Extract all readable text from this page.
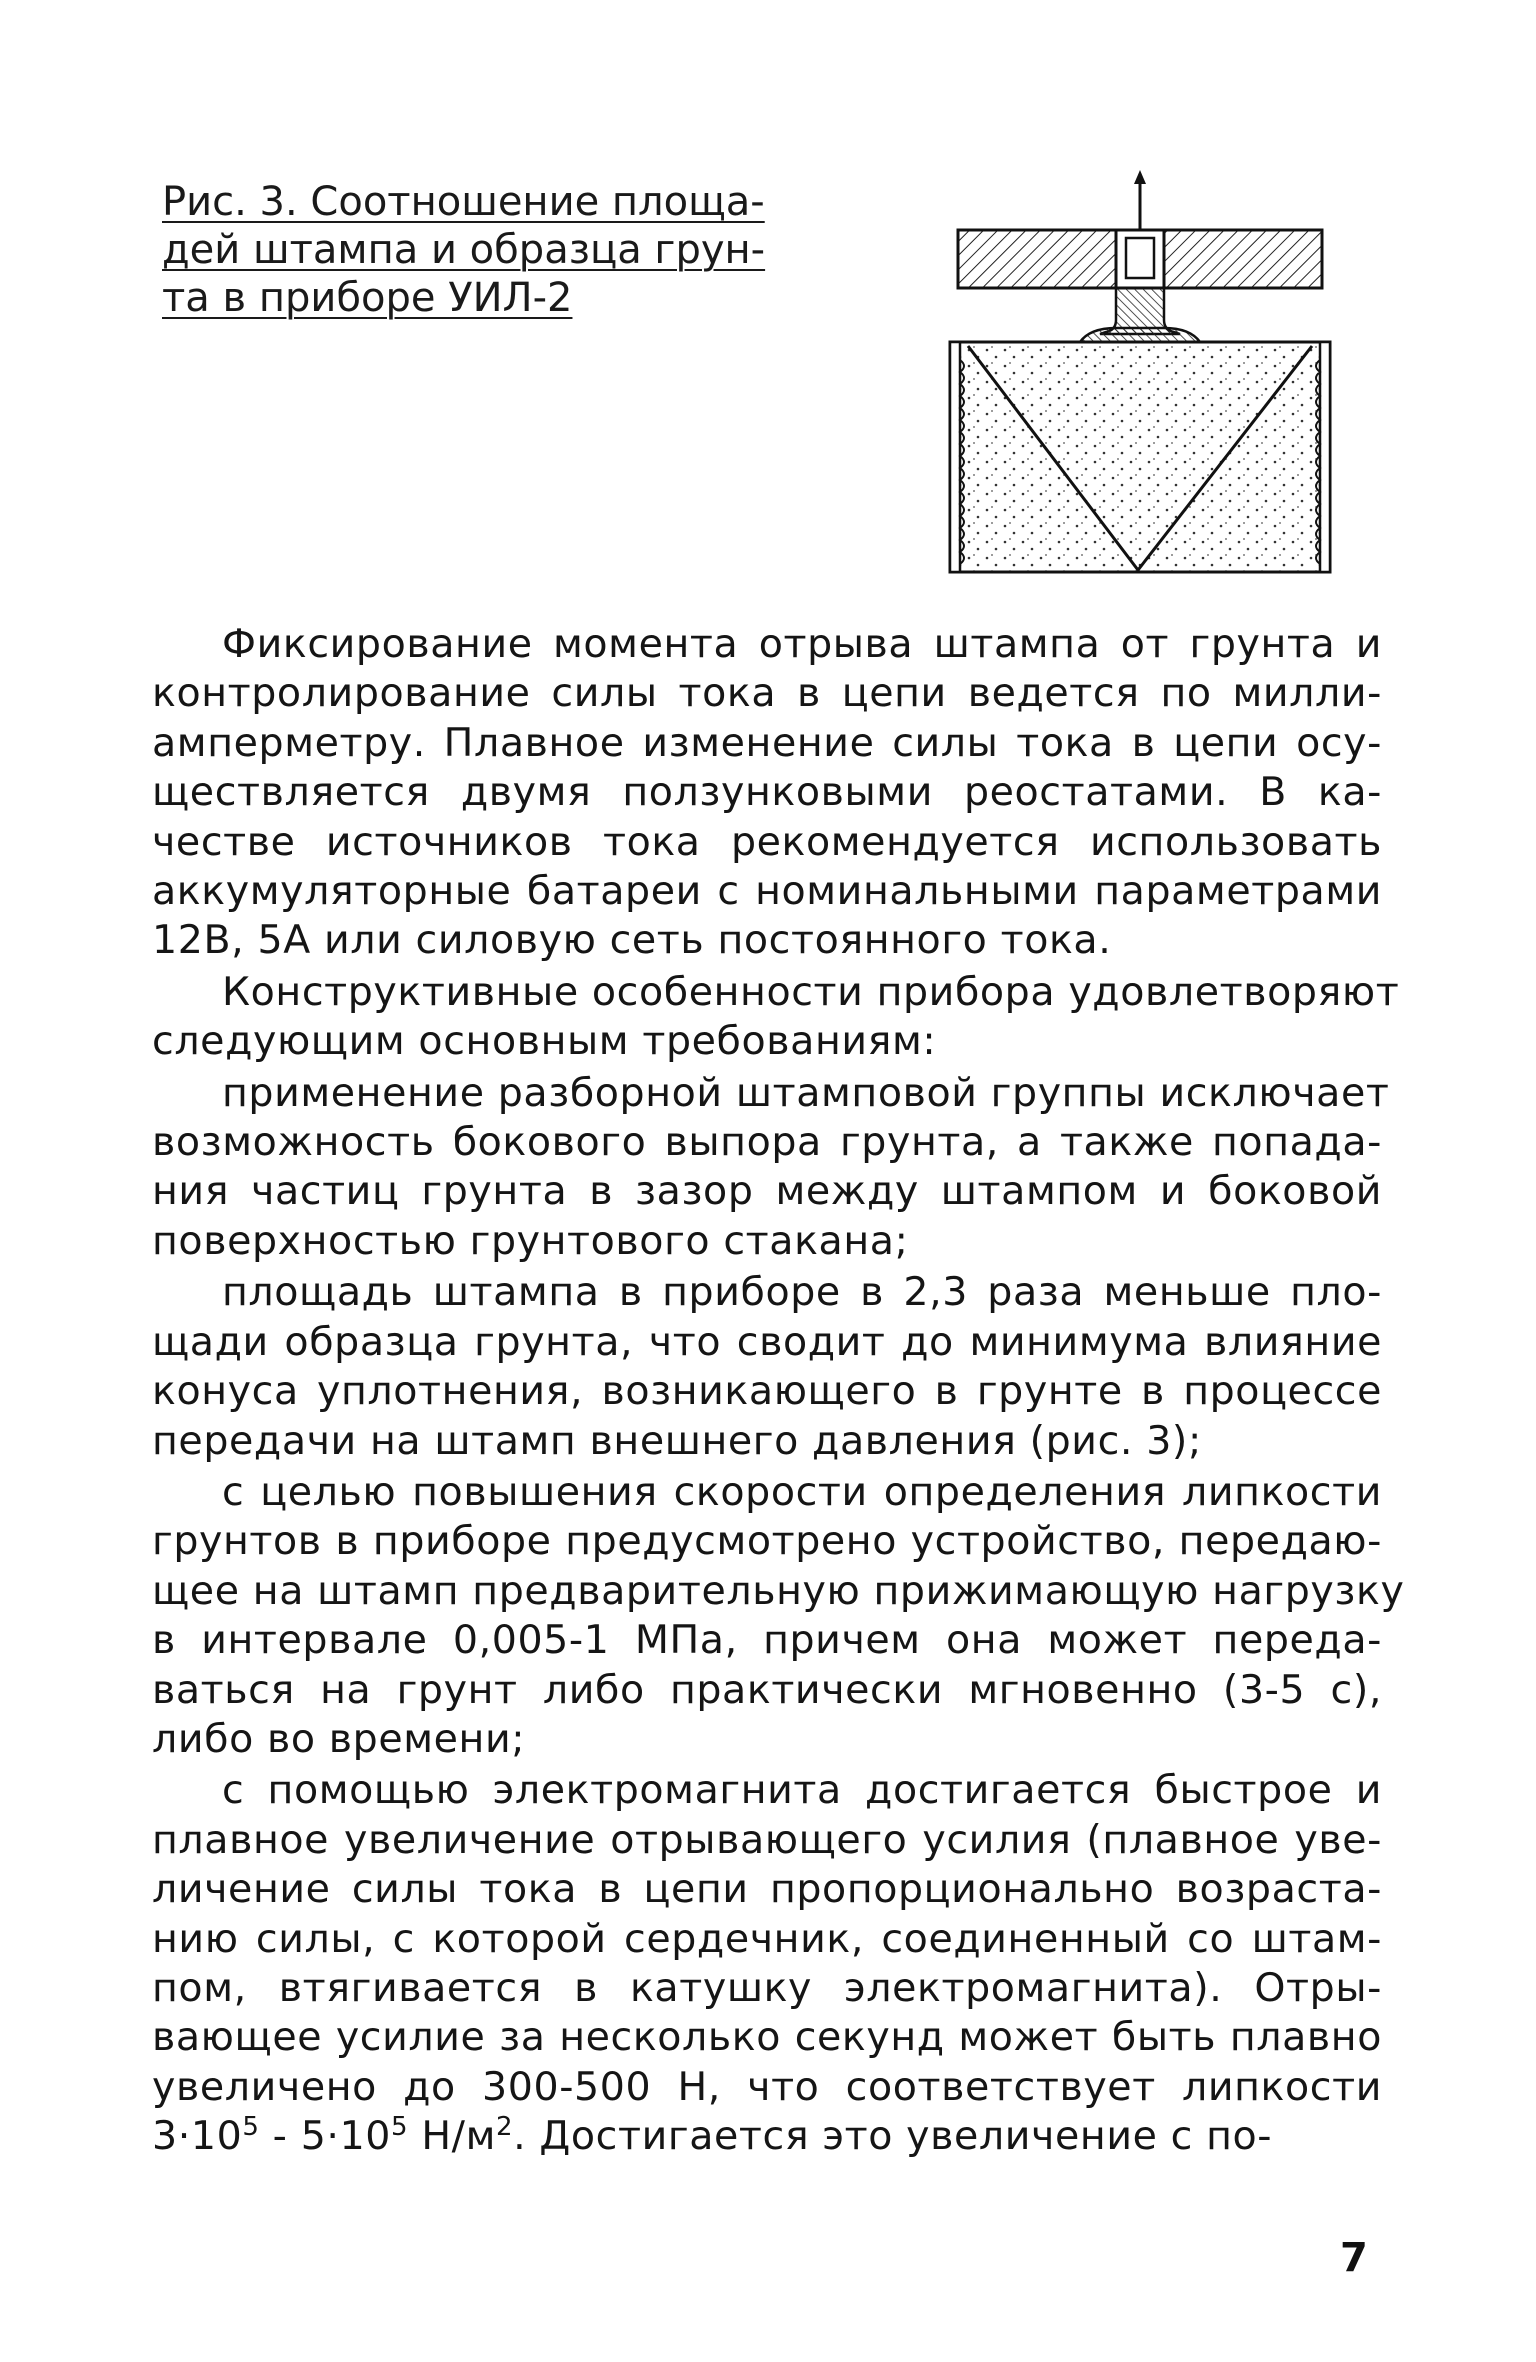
Рис. 3. Соотношение площа-
дей штампа и образца грун-
та в приборе УИЛ-2
Фиксирование момента отрыва штампа от грунта и
контролирование силы тока в цепи ведется по милли-
амперметру. Плавное изменение силы тока в цепи осу-
ществляется двумя ползунковыми реостатами. В ка-
честве источников тока рекомендуется использовать
аккумуляторные батареи с номинальными параметрами
12В, 5А или силовую сеть постоянного тока.
Конструктивные особенности прибора удовлетворяют
следующим основным требованиям:
применение разборной штамповой группы исключает
возможность бокового выпора грунта, а также попада-
ния частиц грунта в зазор между штампом и боковой
поверхностью грунтового стакана;
площадь штампа в приборе в 2,3 раза меньше пло-
щади образца грунта, что сводит до минимума влияние
конуса уплотнения, возникающего в грунте в процессе
передачи на штамп внешнего давления (рис. 3);
с целью повышения скорости определения липкости
грунтов в приборе предусмотрено устройство, передаю-
щее на штамп предварительную прижимающую нагрузку
в интервале 0,005-1 МПа, причем она может переда-
ваться на грунт либо практически мгновенно (3-5 с),
либо во времени;
с помощью электромагнита достигается быстрое и
плавное увеличение отрывающего усилия (плавное уве-
личение силы тока в цепи пропорционально возраста-
нию силы, с которой сердечник, соединенный со штам-
пом, втягивается в катушку электромагнита). Отры-
вающее усилие за несколько секунд может быть плавно
увеличено до 300-500 Н, что соответствует липкости
$3\cdot 10^5 - 5\cdot 10^5$ $Н/м^2$. Достигается это увеличение с по-
7
